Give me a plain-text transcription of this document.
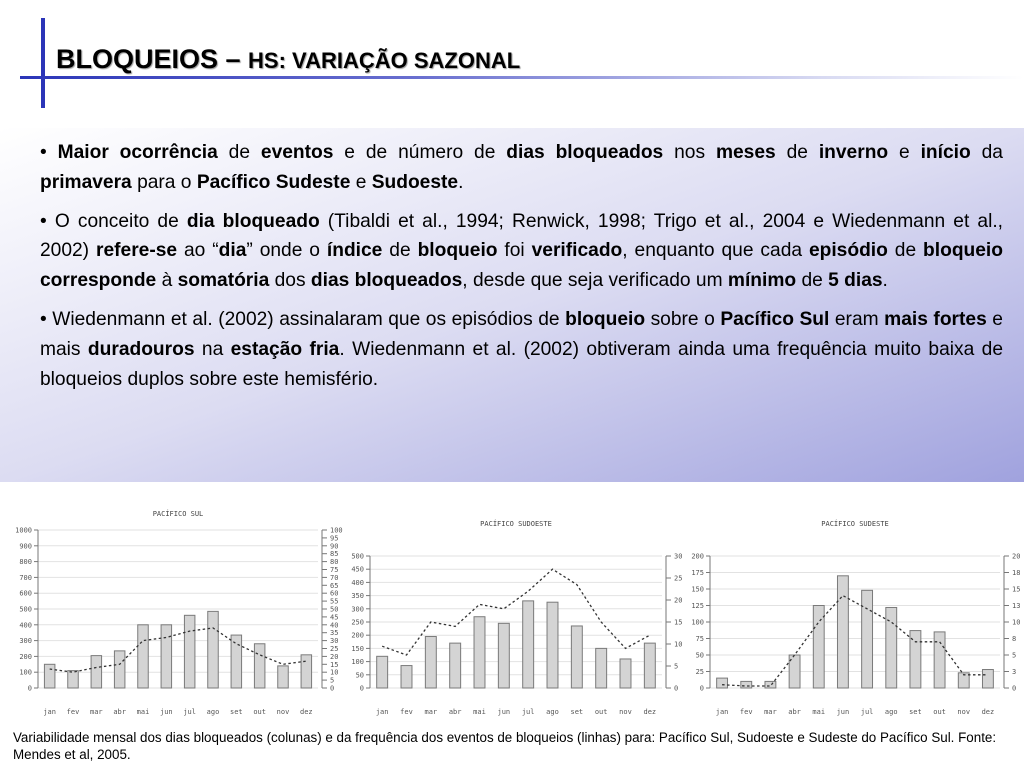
BLOQUEIOS – HS: VARIAÇÃO SAZONAL
• Maior ocorrência de eventos e de número de dias bloqueados nos meses de inverno e início da primavera para o Pacífico Sudeste e Sudoeste.
• O conceito de dia bloqueado (Tibaldi et al., 1994; Renwick, 1998; Trigo et al., 2004 e Wiedenmann et al., 2002) refere-se ao “dia” onde o índice de bloqueio foi verificado, enquanto que cada episódio de bloqueio corresponde à somatória dos dias bloqueados, desde que seja verificado um mínimo de 5 dias.
• Wiedenmann et al. (2002) assinalaram que os episódios de bloqueio sobre o Pacífico Sul eram mais fortes e mais duradouros na estação fria. Wiedenmann et al. (2002) obtiveram ainda uma frequência muito baixa de bloqueios duplos sobre este hemisfério.
PACÍFICO SUL
1000
900
800
700
600
500
400
300
200
100
0
100
95
90
85
80
75
70
65
60
55
50
45
40
35
30
25
20
15
10
5
0
jan fev mar abr mai jun jul ago set out nov dez
PACÍFICO SUDOESTE
500
450
400
350
300
250
200
150
100
50
0
30
25
20
15
10
5
0
jan fev mar abr mai jun jul ago set out nov dez
PACÍFICO SUDESTE
200
175
150
125
100
75
50
25
0
20
18
15
13
10
8
5
3
0
jan fev mar abr mai jun jul ago set out nov dez
Variabilidade mensal dos dias bloqueados (colunas) e da frequência dos eventos de bloqueios (linhas) para: Pacífico Sul, Sudoeste e Sudeste do Pacífico Sul. Fonte: Mendes et al, 2005.
